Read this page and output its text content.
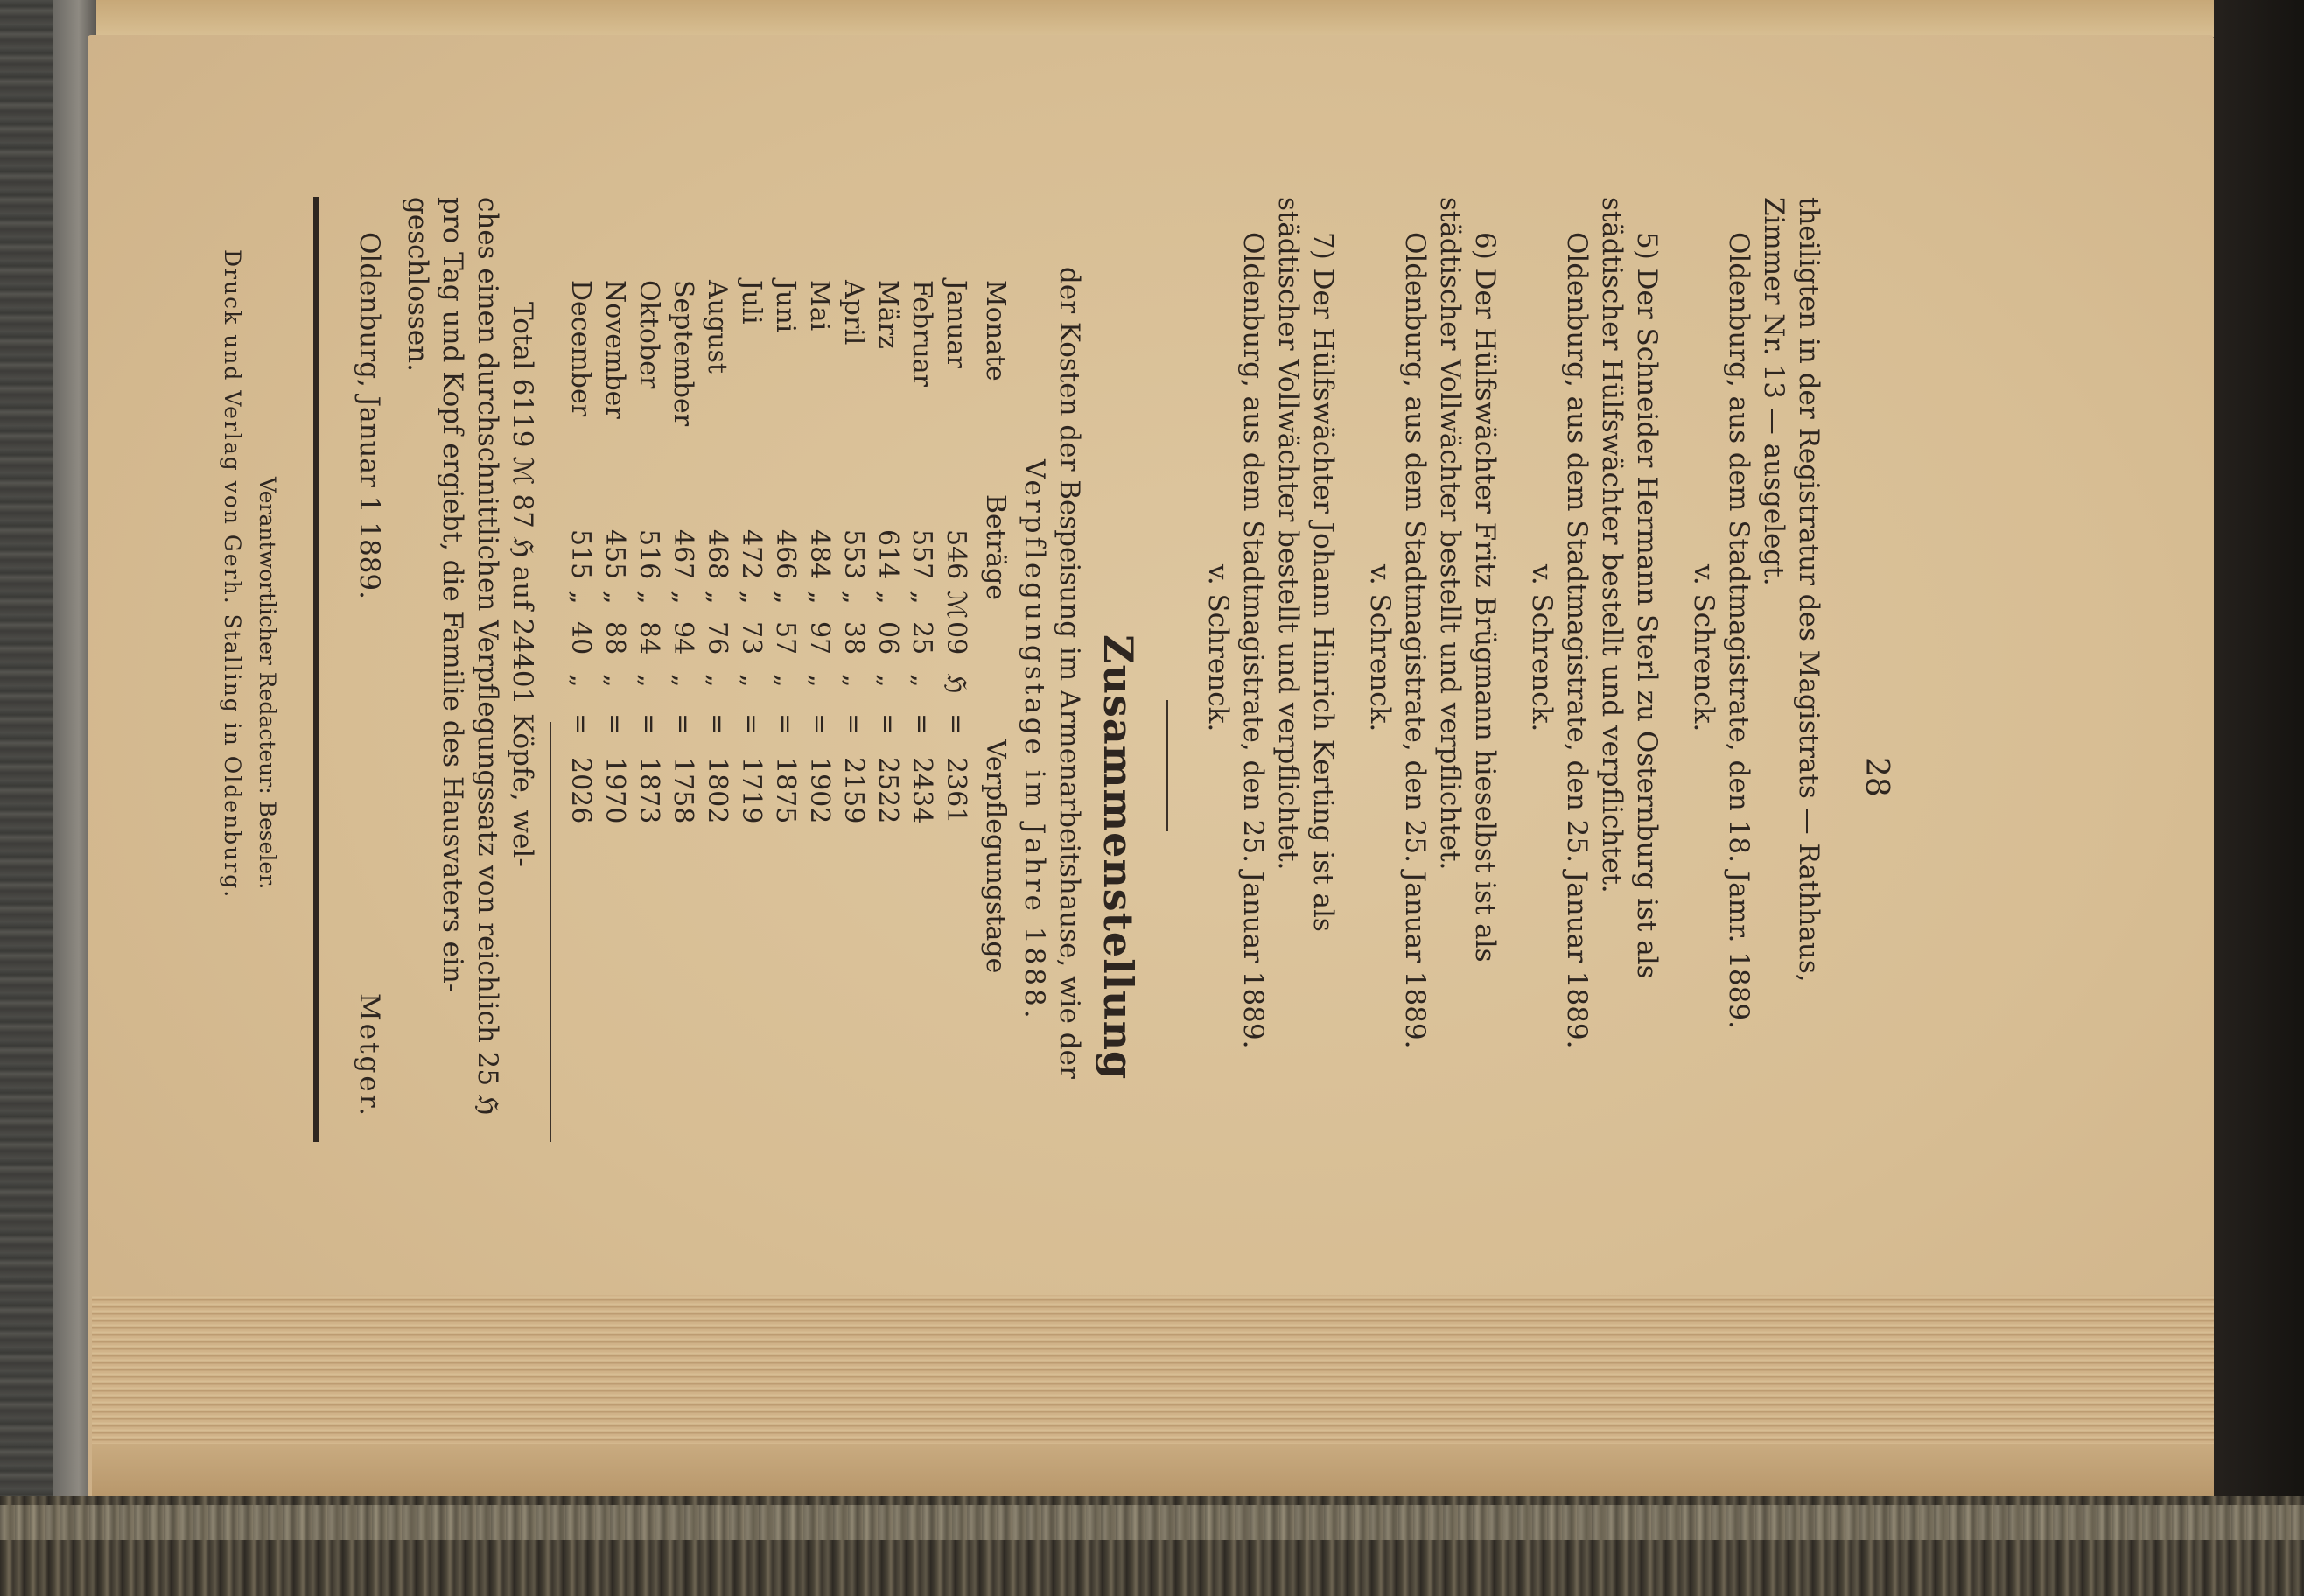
28
theiligten in der Registratur des Magistrats — Rathhaus,
Zimmer Nr. 13 — ausgelegt.
Oldenburg, aus dem Stadtmagistrate, den 18. Jamr. 1889.
v. Schrenck.
5) Der Schneider Hermann Sterl zu Osternburg ist als
städtischer Hülfswächter bestellt und verpflichtet.
Oldenburg, aus dem Stadtmagistrate, den 25. Januar 1889.
v. Schrenck.
6) Der Hülfswächter Fritz Brügmann hieselbst ist als
städtischer Vollwächter bestellt und verpflichtet.
Oldenburg, aus dem Stadtmagistrate, den 25. Januar 1889.
v. Schrenck.
7) Der Hülfswächter Johann Hinrich Kerting ist als
städtischer Vollwächter bestellt und verpflichtet.
Oldenburg, aus dem Stadtmagistrate, den 25. Januar 1889.
v. Schrenck.
Zusammenstellung
der Kosten der Bespeisung im Armenarbeitshause, wie der
Verpflegungstage im Jahre 1888.
Monate
Beträge
Verpflegungstage
Januar
546
ℳ
09
ℌ
=
2361
Februar
557
„
25
„
=
2434
März
614
„
06
„
=
2522
April
553
„
38
„
=
2159
Mai
484
„
97
„
=
1902
Juni
466
„
57
„
=
1875
Juli
472
„
73
„
=
1719
August
468
„
76
„
=
1802
September
467
„
94
„
=
1758
Oktober
516
„
84
„
=
1873
November
455
„
88
„
=
1970
December
515
„
40
„
=
2026
Total 6119 ℳ 87 ℌ auf 24401 Köpfe, wel-
ches einen durchschnittlichen Verpflegungssatz von reichlich 25 ℌ
pro Tag und Kopf ergiebt, die Familie des Hausvaters ein-
geschlossen.
Oldenburg, Januar 1 1889.
Metger.
Verantwortlicher Redacteur: Beseler.
Druck und Verlag von Gerh. Stalling in Oldenburg.
